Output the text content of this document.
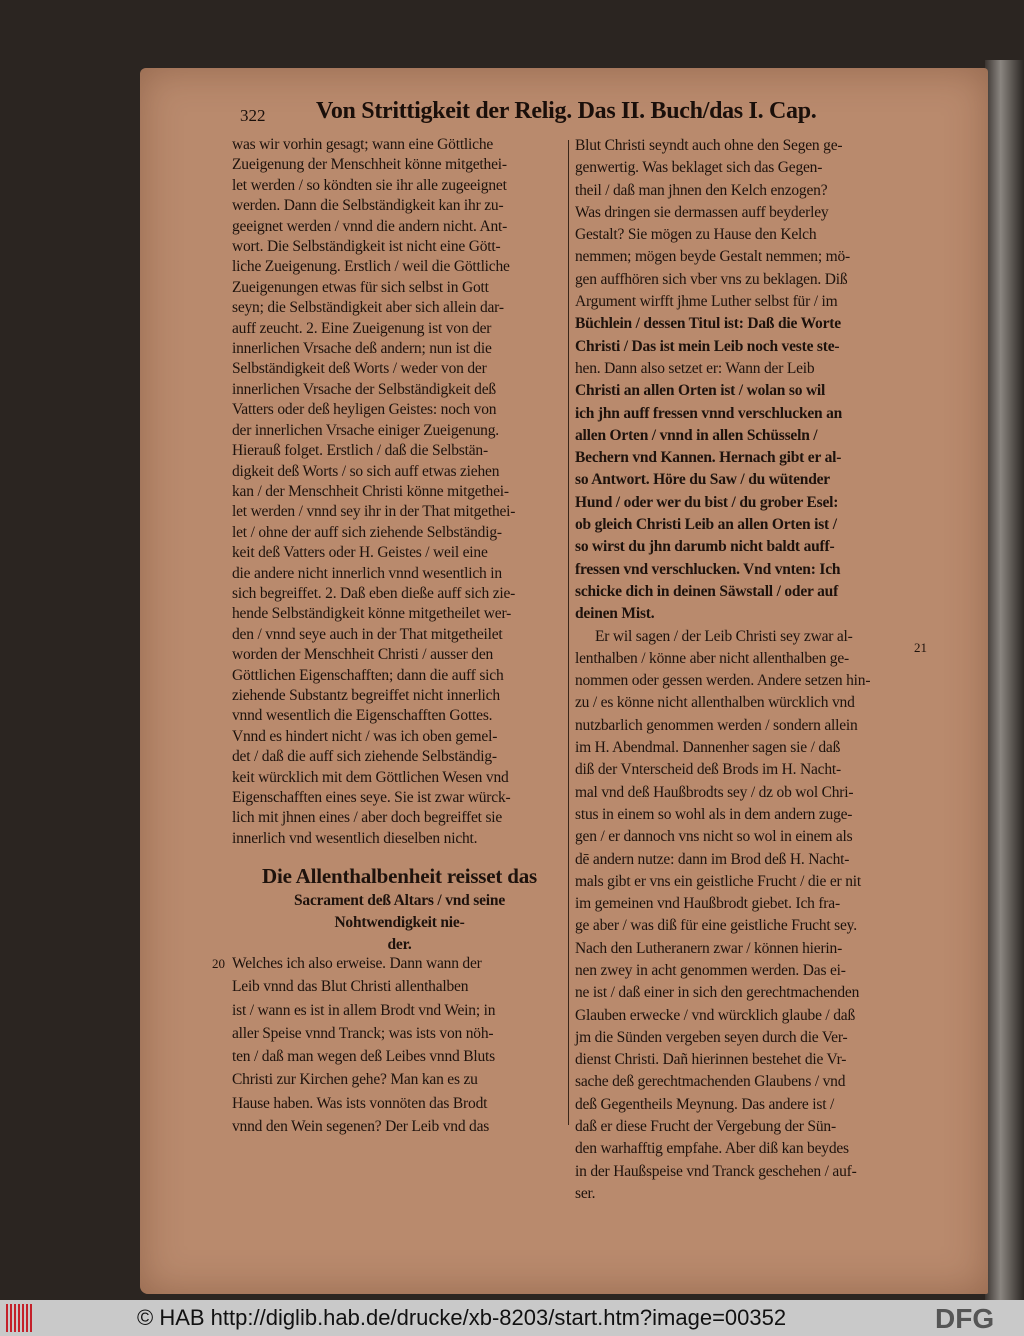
322 Von Strittigkeit der Relig. Das II. Buch/das I. Cap.
was wir vorhin gesagt; wann eine Göttliche
Zueigenung der Menschheit könne mitgethei-
let werden / so köndten sie ihr alle zugeeignet
werden. Dann die Selbständigkeit kan ihr zu-
geeignet werden / vnnd die andern nicht. Ant-
wort. Die Selbständigkeit ist nicht eine Gött-
liche Zueigenung. Erstlich / weil die Göttliche
Zueigenungen etwas für sich selbst in Gott
seyn; die Selbständigkeit aber sich allein dar-
auff zeucht. 2. Eine Zueigenung ist von der
innerlichen Vrsache deß andern; nun ist die
Selbständigkeit deß Worts / weder von der
innerlichen Vrsache der Selbständigkeit deß
Vatters oder deß heyligen Geistes: noch von
der innerlichen Vrsache einiger Zueigenung.
Hierauß folget. Erstlich / daß die Selbstän-
digkeit deß Worts / so sich auff etwas ziehen
kan / der Menschheit Christi könne mitgethei-
let werden / vnnd sey ihr in der That mitgethei-
let / ohne der auff sich ziehende Selbständig-
keit deß Vatters oder H. Geistes / weil eine
die andere nicht innerlich vnnd wesentlich in
sich begreiffet. 2. Daß eben dieße auff sich zie-
hende Selbständigkeit könne mitgetheilet wer-
den / vnnd seye auch in der That mitgetheilet
worden der Menschheit Christi / ausser den
Göttlichen Eigenschafften; dann die auff sich
ziehende Substantz begreiffet nicht innerlich
vnnd wesentlich die Eigenschafften Gottes.
Vnnd es hindert nicht / was ich oben gemel-
det / daß die auff sich ziehende Selbständig-
keit würcklich mit dem Göttlichen Wesen vnd
Eigenschafften eines seye. Sie ist zwar würck-
lich mit jhnen eines / aber doch begreiffet sie
innerlich vnd wesentlich dieselben nicht.
Die Allenthalbenheit reisset das
Sacrament deß Altars / vnd seine
Nohtwendigkeit nie-
der.
Welches ich also erweise. Dann wann der
Leib vnnd das Blut Christi allenthalben
ist / wann es ist in allem Brodt vnd Wein; in
aller Speise vnnd Tranck; was ists von nöh-
ten / daß man wegen deß Leibes vnnd Bluts
Christi zur Kirchen gehe? Man kan es zu
Hause haben. Was ists vonnöten das Brodt
vnnd den Wein segenen? Der Leib vnd das
Blut Christi seyndt auch ohne den Segen ge-
genwertig. Was beklaget sich das Gegen-
theil / daß man jhnen den Kelch enzogen?
Was dringen sie dermassen auff beyderley
Gestalt? Sie mögen zu Hause den Kelch
nemmen; mögen beyde Gestalt nemmen; mö-
gen auffhören sich vber vns zu beklagen. Diß
Argument wirfft jhme Luther selbst für / im
Büchlein / dessen Titul ist: Daß die Worte
Christi / Das ist mein Leib noch veste ste-
hen. Dann also setzet er: Wann der Leib
Christi an allen Orten ist / wolan so wil
ich jhn auff fressen vnnd verschlucken an
allen Orten / vnnd in allen Schüsseln /
Bechern vnd Kannen. Hernach gibt er al-
so Antwort. Höre du Saw / du wütender
Hund / oder wer du bist / du grober Esel:
ob gleich Christi Leib an allen Orten ist /
so wirst du jhn darumb nicht baldt auff-
fressen vnd verschlucken. Vnd vnten: Ich
schicke dich in deinen Säwstall / oder auf
deinen Mist.
Er wil sagen / der Leib Christi sey zwar al-
lenthalben / könne aber nicht allenthalben ge-
nommen oder gessen werden. Andere setzen hin-
zu / es könne nicht allenthalben würcklich vnd
nutzbarlich genommen werden / sondern allein
im H. Abendmal. Dannenher sagen sie / daß
diß der Vnterscheid deß Brods im H. Nacht-
mal vnd deß Haußbrodts sey / dz ob wol Chri-
stus in einem so wohl als in dem andern zuge-
gen / er dannoch vns nicht so wol in einem als
dē andern nutze: dann im Brod deß H. Nacht-
mals gibt er vns ein geistliche Frucht / die er nit
im gemeinen vnd Haußbrodt giebet. Ich fra-
ge aber / was diß für eine geistliche Frucht sey.
Nach den Lutheranern zwar / können hierin-
nen zwey in acht genommen werden. Das ei-
ne ist / daß einer in sich den gerechtmachenden
Glauben erwecke / vnd würcklich glaube / daß
jm die Sünden vergeben seyen durch die Ver-
dienst Christi. Dañ hierinnen bestehet die Vr-
sache deß gerechtmachenden Glaubens / vnd
deß Gegentheils Meynung. Das andere ist /
daß er diese Frucht der Vergebung der Sün-
den warhafftig empfahe. Aber diß kan beydes
in der Haußspeise vnd Tranck geschehen / auf-
ser.
20
21
© HAB http://diglib.hab.de/drucke/xb-8203/start.htm?image=00352	DFG
